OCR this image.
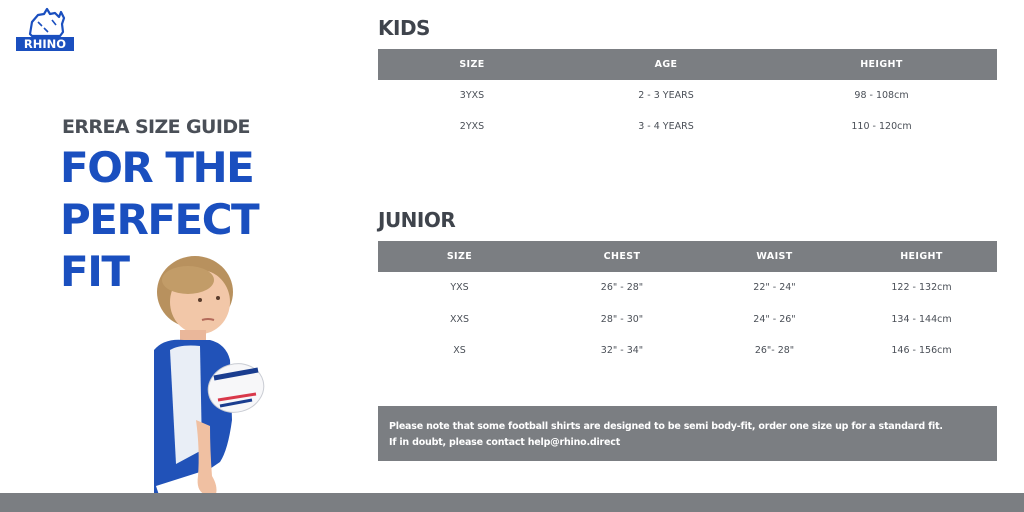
RHINO
ERREA SIZE GUIDE
FOR THE
PERFECT
FIT
KIDS
SIZE	AGE	HEIGHT
3YXS	2 - 3 YEARS	98 - 108cm
2YXS	3 - 4 YEARS	110 - 120cm
JUNIOR
SIZE	CHEST	WAIST	HEIGHT
YXS	26" - 28"	22" - 24"	122 - 132cm
XXS	28" - 30"	24" - 26"	134 - 144cm
XS	32" - 34"	26"- 28"	146 - 156cm
Please note that some football shirts are designed to be semi body-fit, order one size up for a standard fit.
If in doubt, please contact help@rhino.direct
